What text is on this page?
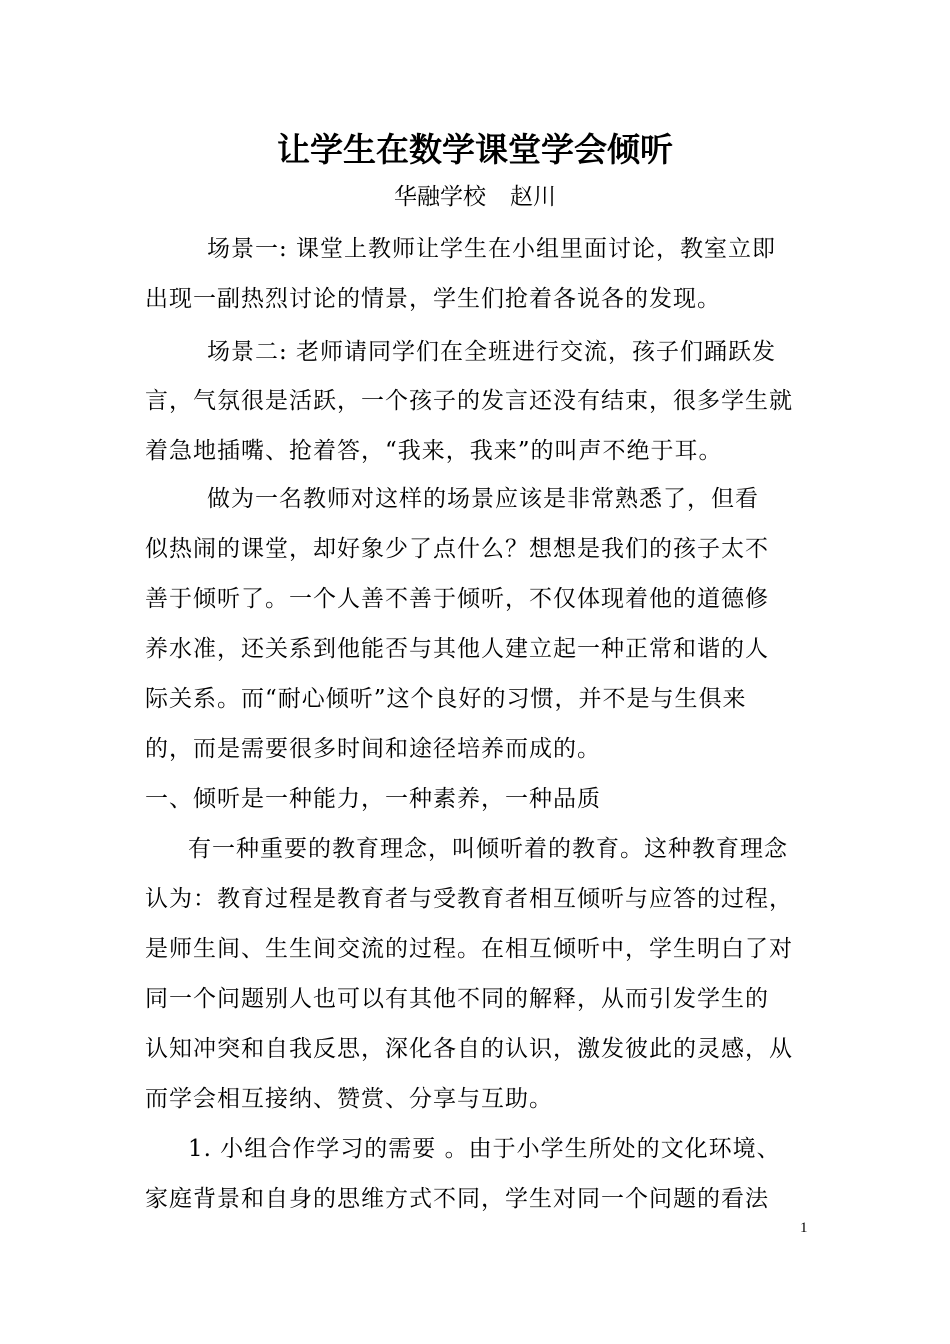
让学生在数学课堂学会倾听
华融学校 赵川
场景一: 课堂上教师让学生在小组里面讨论，教室立即
出现一副热烈讨论的情景，学生们抢着各说各的发现。
场景二: 老师请同学们在全班进行交流，孩子们踊跃发
言，气氛很是活跃，一个孩子的发言还没有结束，很多学生就
着急地插嘴、抢着答，“我来，我来”的叫声不绝于耳。
做为一名教师对这样的场景应该是非常熟悉了，但看
似热闹的课堂，却好象少了点什么？想想是我们的孩子太不
善于倾听了。一个人善不善于倾听，不仅体现着他的道德修
养水准，还关系到他能否与其他人建立起一种正常和谐的人
际关系。而“耐心倾听”这个良好的习惯，并不是与生俱来
的，而是需要很多时间和途径培养而成的。
一、倾听是一种能力，一种素养，一种品质
有一种重要的教育理念，叫倾听着的教育。这种教育理念
认为：教育过程是教育者与受教育者相互倾听与应答的过程，
是师生间、生生间交流的过程。在相互倾听中，学生明白了对
同一个问题别人也可以有其他不同的解释，从而引发学生的
认知冲突和自我反思，深化各自的认识，激发彼此的灵感，从
而学会相互接纳、赞赏、分享与互助。
1. 小组合作学习的需要 。由于小学生所处的文化环境、
家庭背景和自身的思维方式不同，学生对同一个问题的看法
1
